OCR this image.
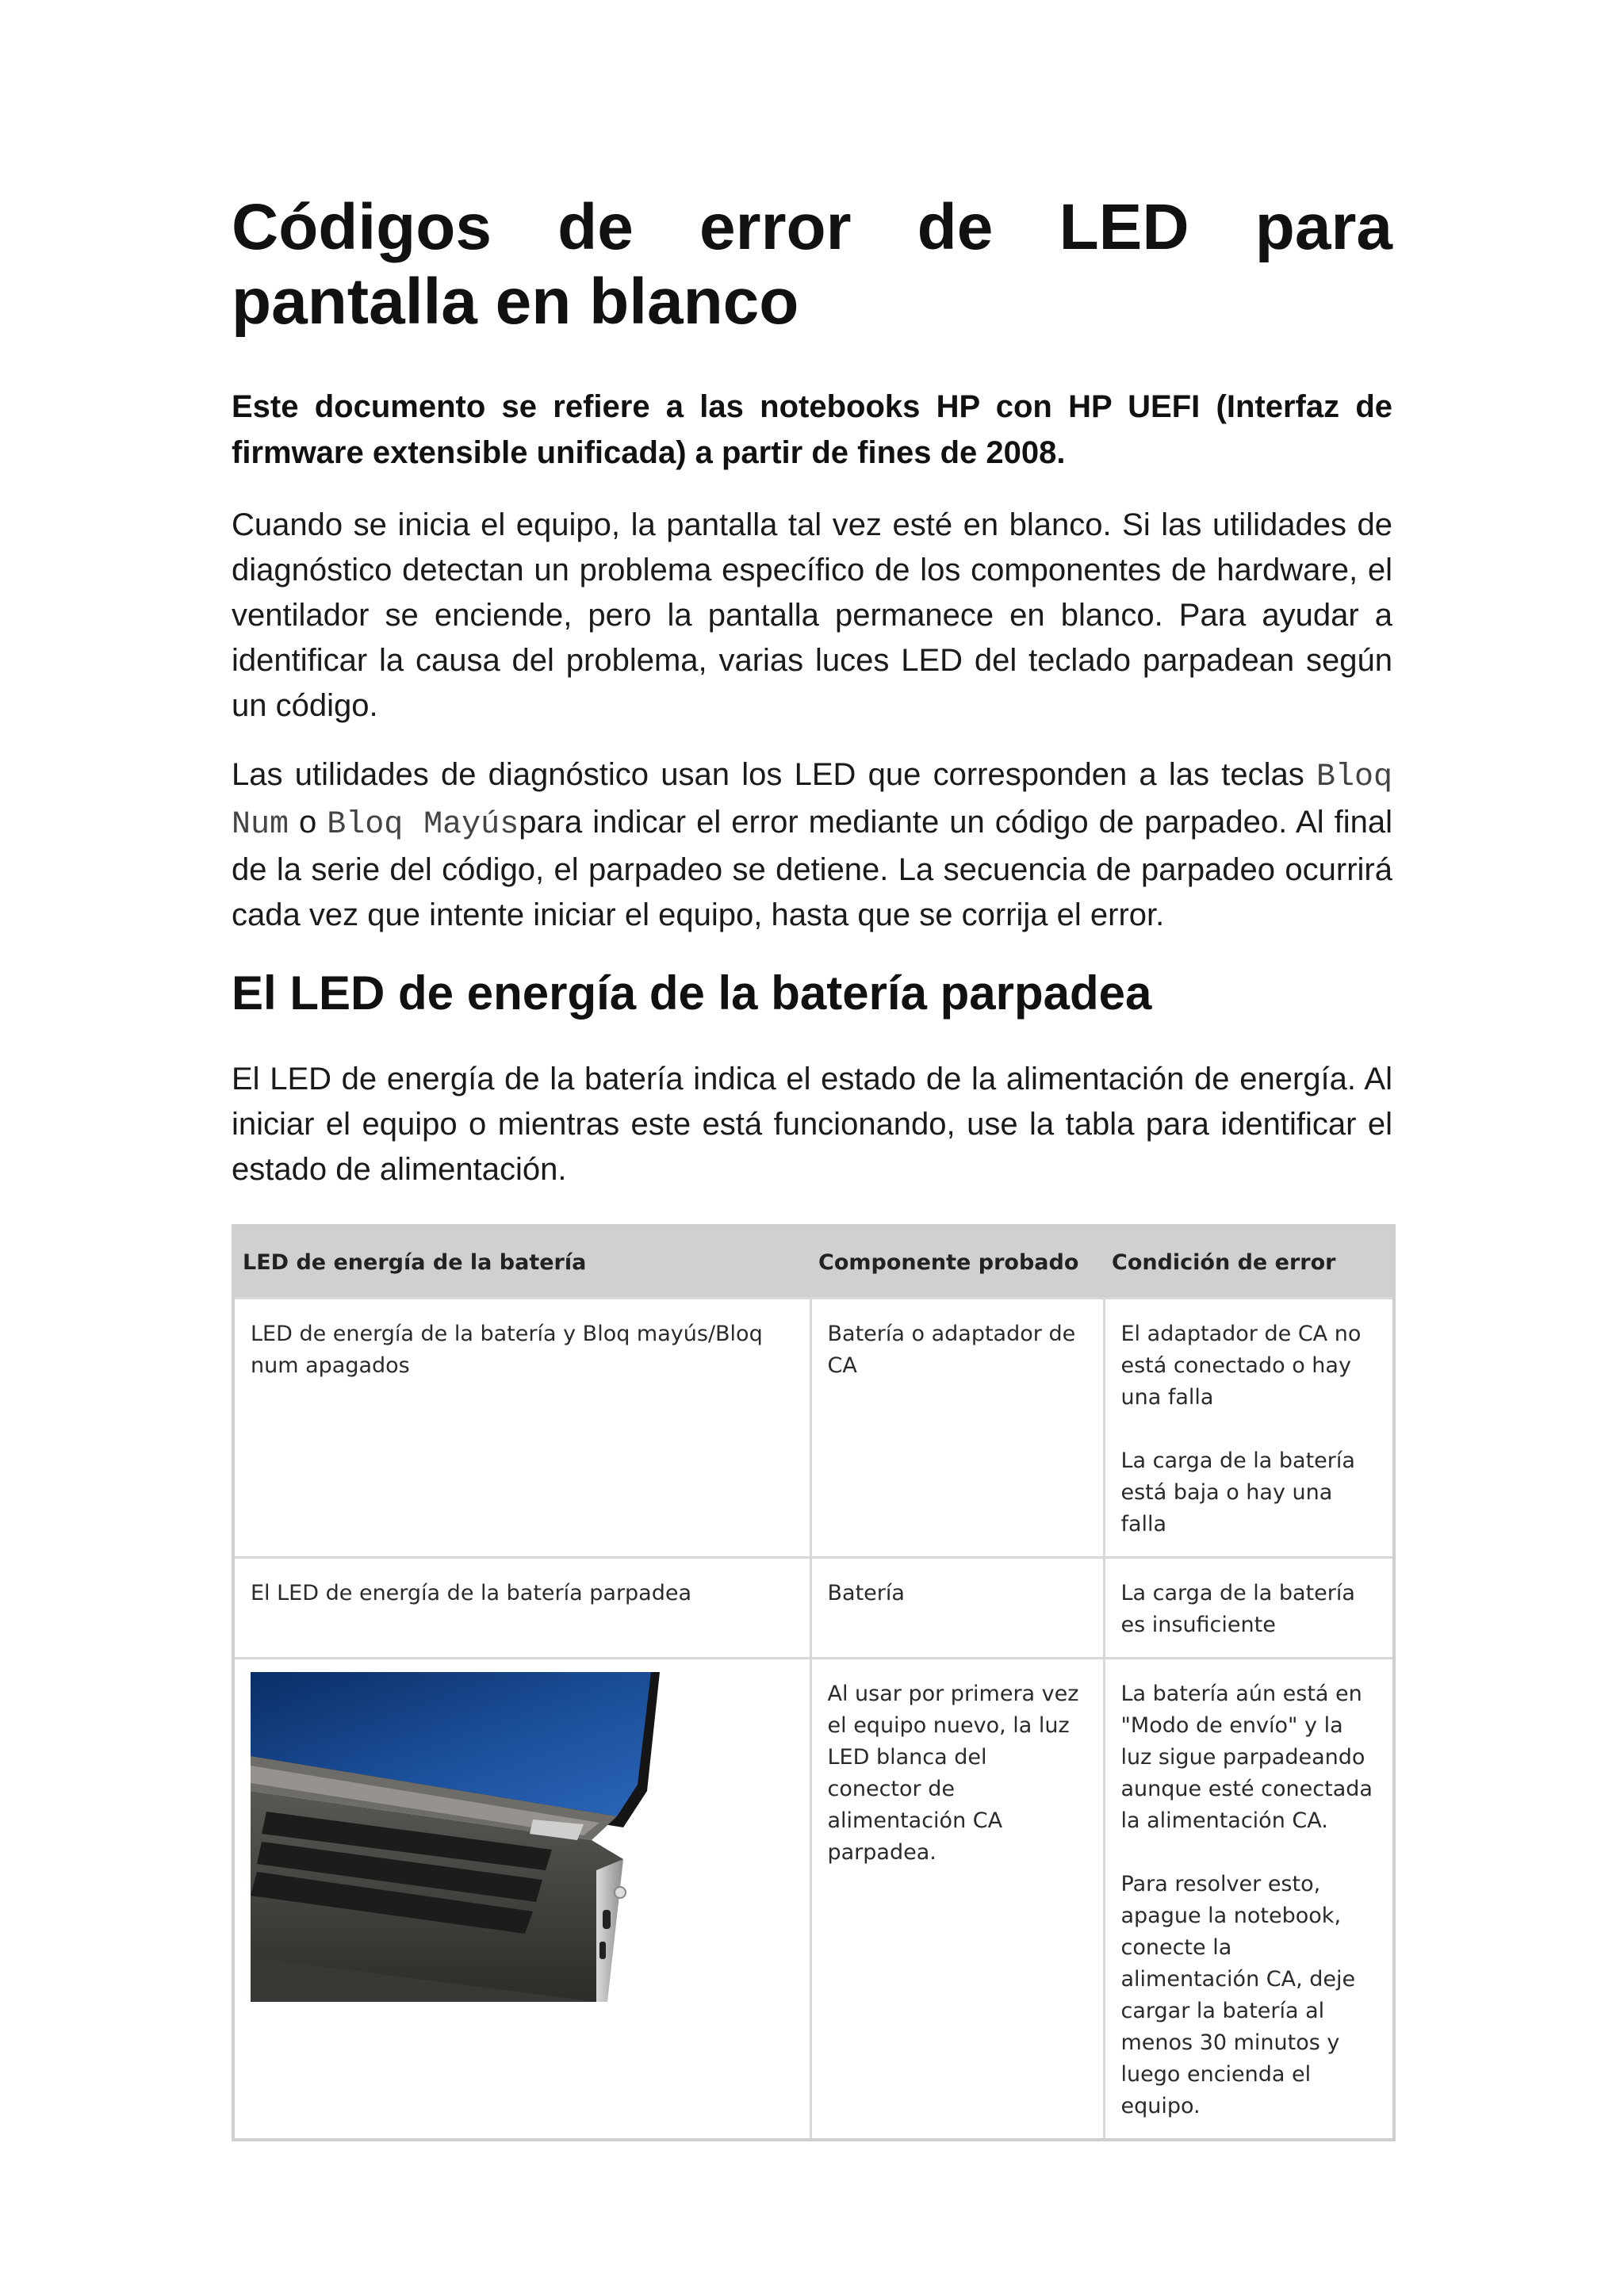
Códigos de error de LED para pantalla en blanco

Este documento se refiere a las notebooks HP con HP UEFI (Interfaz de firmware extensible unificada) a partir de fines de 2008.

Cuando se inicia el equipo, la pantalla tal vez esté en blanco. Si las utilidades de diagnóstico detectan un problema específico de los componentes de hardware, el ventilador se enciende, pero la pantalla permanece en blanco. Para ayudar a identificar la causa del problema, varias luces LED del teclado parpadean según un código.

Las utilidades de diagnóstico usan los LED que corresponden a las teclas Bloq Num o Bloq Mayúspara indicar el error mediante un código de parpadeo. Al final de la serie del código, el parpadeo se detiene. La secuencia de parpadeo ocurrirá cada vez que intente iniciar el equipo, hasta que se corrija el error.

El LED de energía de la batería parpadea

El LED de energía de la batería indica el estado de la alimentación de energía. Al iniciar el equipo o mientras este está funcionando, use la tabla para identificar el estado de alimentación.

LED de energía de la batería	Componente probado	Condición de error
LED de energía de la batería y Bloq mayús/Bloq num apagados	Batería o adaptador de CA	El adaptador de CA no está conectado o hay una falla
La carga de la batería está baja o hay una falla

El LED de energía de la batería parpadea	Batería	La carga de la batería es insuficiente

	Al usar por primera vez el equipo nuevo, la luz LED blanca del conector de alimentación CA parpadea.	La batería aún está en "Modo de envío" y la luz sigue parpadeando aunque esté conectada la alimentación CA.
Para resolver esto, apague la notebook, conecte la alimentación CA, deje cargar la batería al menos 30 minutos y luego encienda el equipo.
